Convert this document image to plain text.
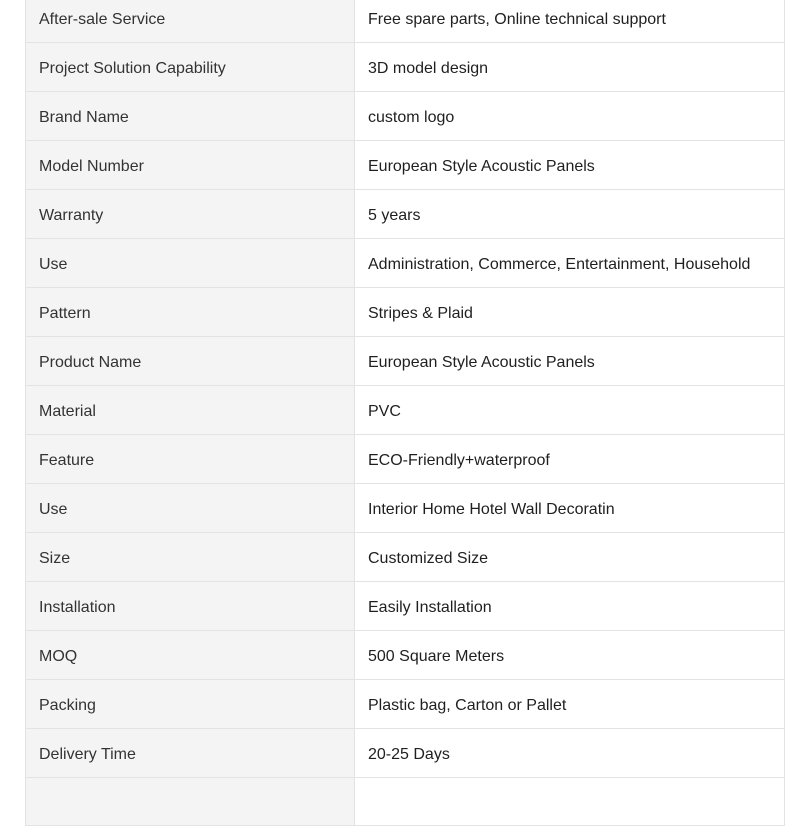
After-sale Service	Free spare parts, Online technical support
Project Solution Capability	3D model design
Brand Name	custom logo
Model Number	European Style Acoustic Panels
Warranty	5 years
Use	Administration, Commerce, Entertainment, Household
Pattern	Stripes & Plaid
Product Name	European Style Acoustic Panels
Material	PVC
Feature	ECO-Friendly+waterproof
Use	Interior Home Hotel Wall Decoratin
Size	Customized Size
Installation	Easily Installation
MOQ	500 Square Meters
Packing	Plastic bag, Carton or Pallet
Delivery Time	20-25 Days
